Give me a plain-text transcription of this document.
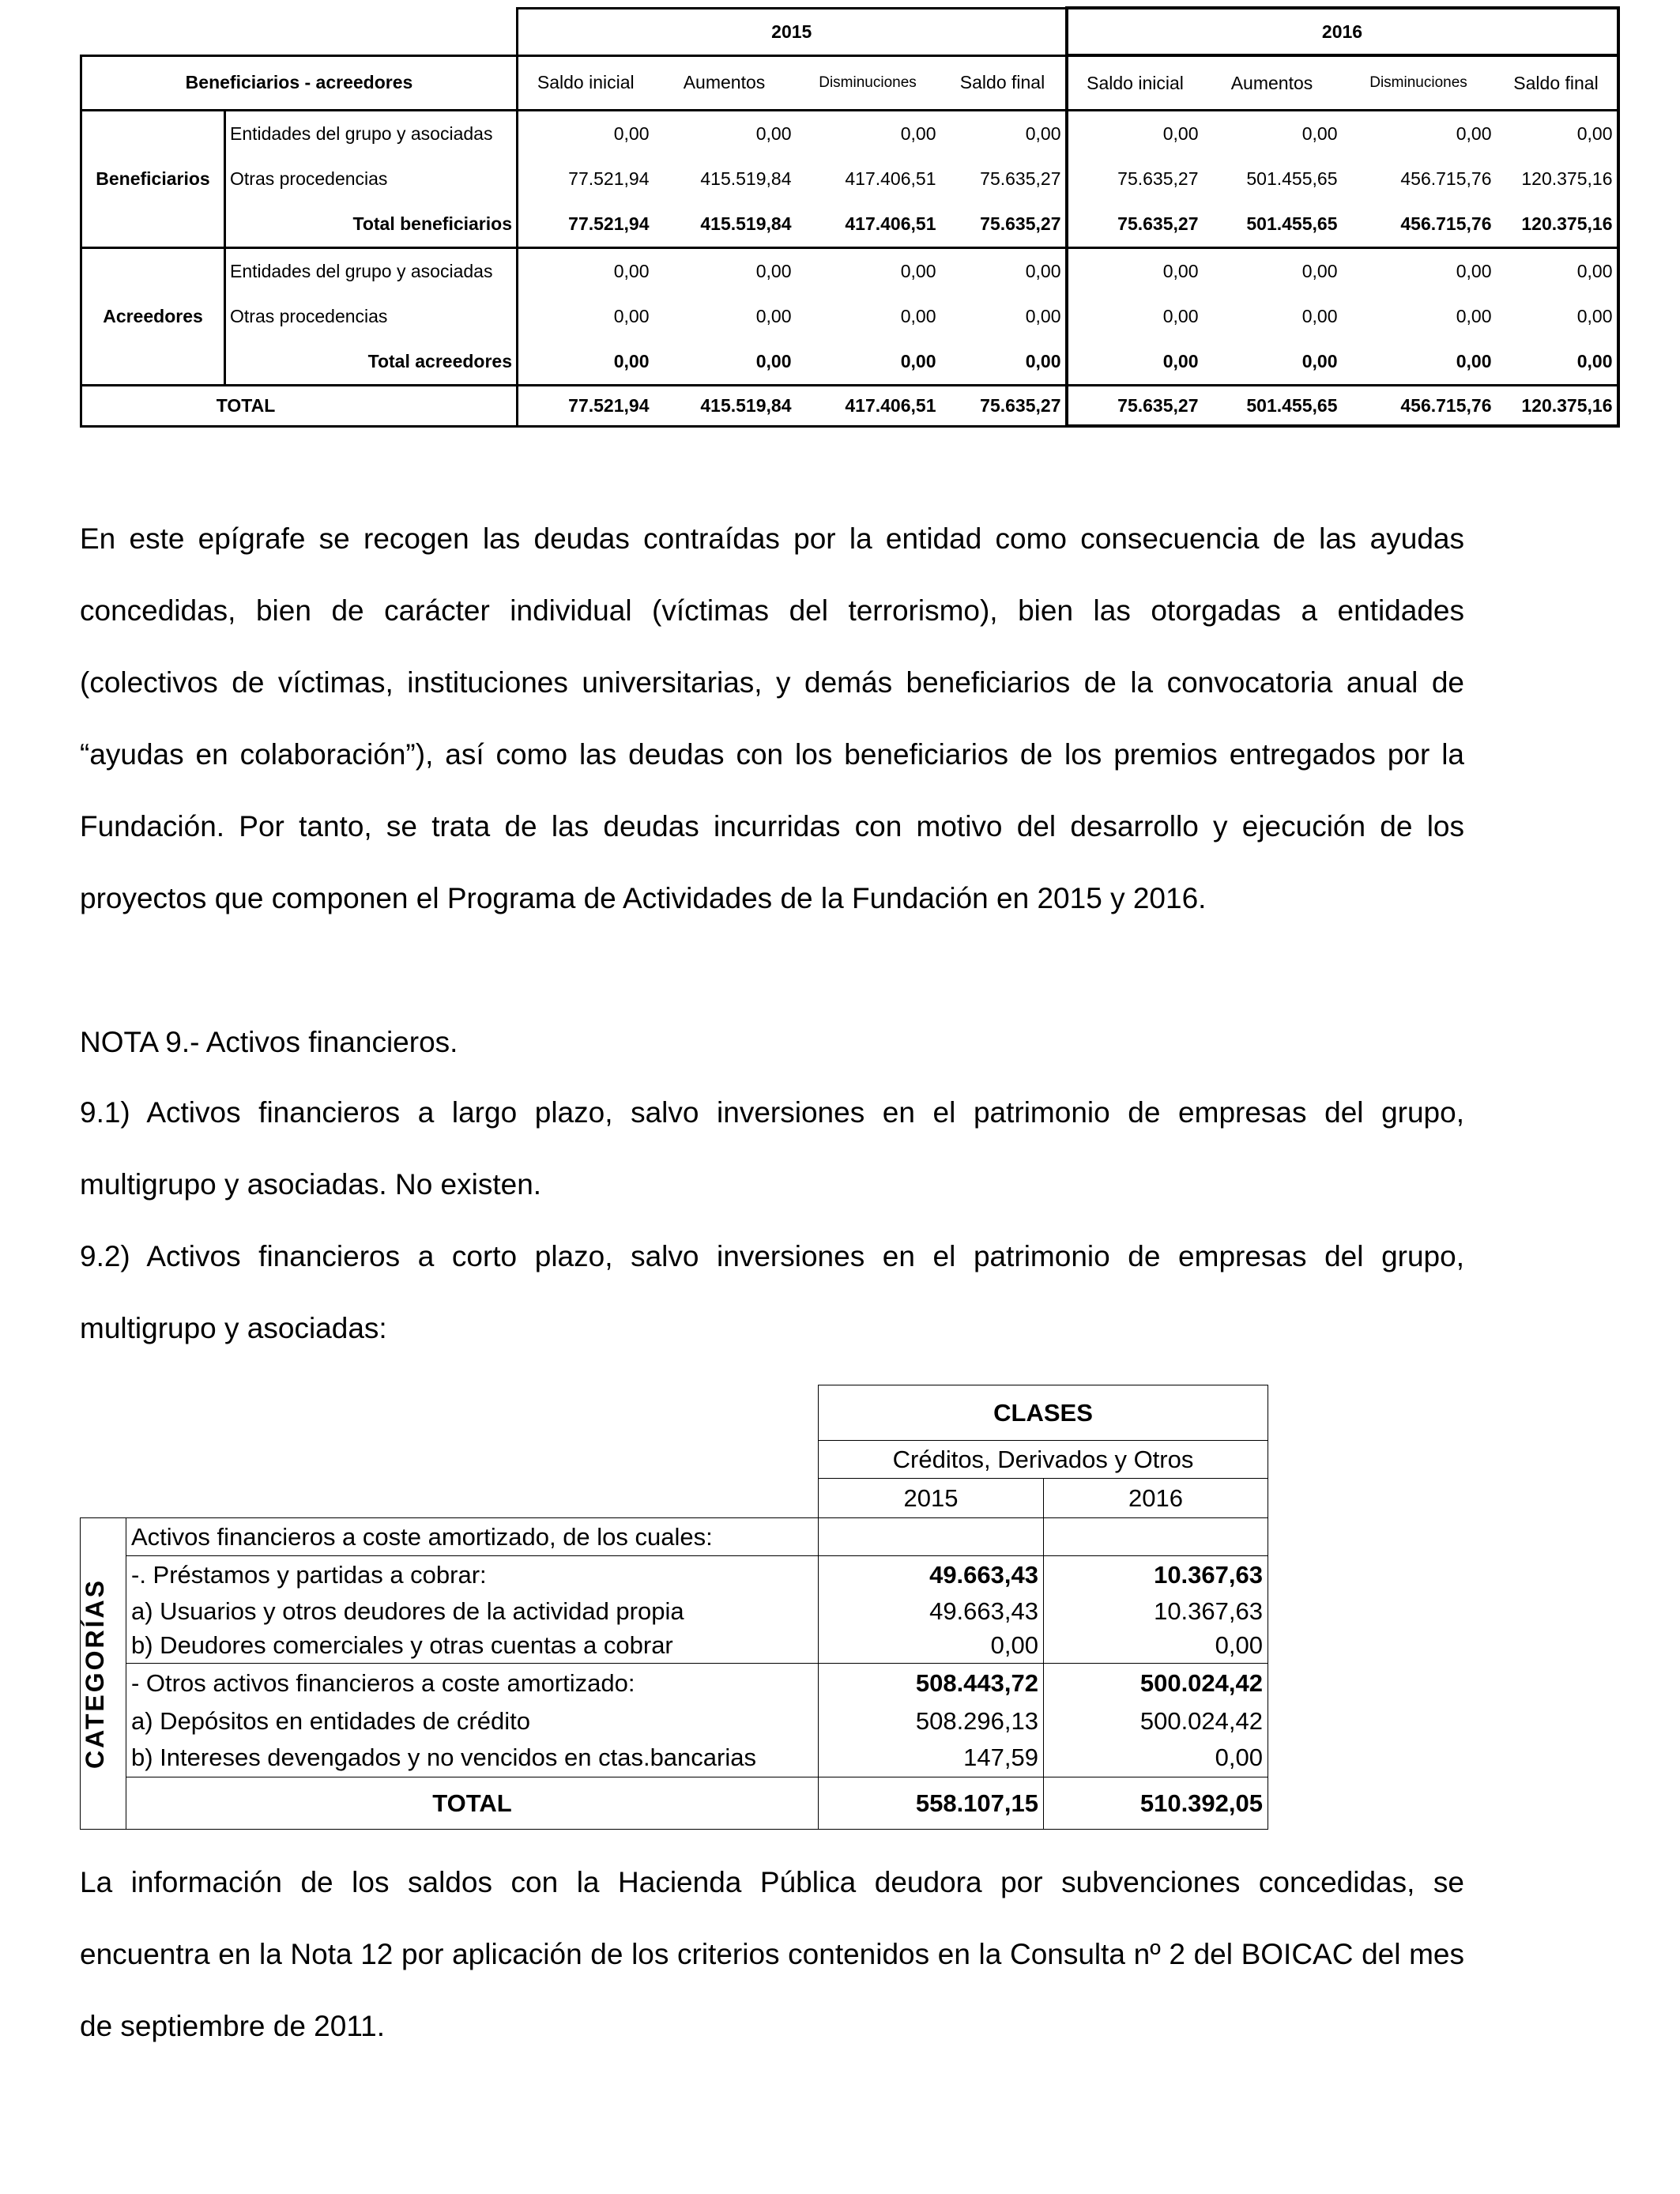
		2015				2016			
Beneficiarios - acreedores		Saldo inicial	Aumentos	Disminuciones	Saldo final	Saldo inicial	Aumentos	Disminuciones	Saldo final
Beneficiarios	Entidades del grupo y asociadas	0,00	0,00	0,00	0,00	0,00	0,00	0,00	0,00
	Otras procedencias	77.521,94	415.519,84	417.406,51	75.635,27	75.635,27	501.455,65	456.715,76	120.375,16
	Total beneficiarios	77.521,94	415.519,84	417.406,51	75.635,27	75.635,27	501.455,65	456.715,76	120.375,16
Acreedores	Entidades del grupo y asociadas	0,00	0,00	0,00	0,00	0,00	0,00	0,00	0,00
	Otras procedencias	0,00	0,00	0,00	0,00	0,00	0,00	0,00	0,00
	Total acreedores	0,00	0,00	0,00	0,00	0,00	0,00	0,00	0,00
TOTAL		77.521,94	415.519,84	417.406,51	75.635,27	75.635,27	501.455,65	456.715,76	120.375,16

En este epígrafe se recogen las deudas contraídas por la entidad como consecuencia de las ayudas concedidas, bien de carácter individual (víctimas del terrorismo), bien las otorgadas a entidades (colectivos de víctimas, instituciones universitarias, y demás beneficiarios de la convocatoria anual de “ayudas en colaboración”), así como las deudas con los beneficiarios de los premios entregados por la Fundación. Por tanto, se trata de las deudas incurridas con motivo del desarrollo y ejecución de los proyectos que componen el Programa de Actividades de la Fundación en 2015 y 2016.

NOTA 9.- Activos financieros.

9.1) Activos financieros a largo plazo, salvo inversiones en el patrimonio de empresas del grupo, multigrupo y asociadas. No existen.

9.2) Activos financieros a corto plazo, salvo inversiones en el patrimonio de empresas del grupo, multigrupo y asociadas:

		CLASES	
		Créditos, Derivados y Otros	
		2015	2016

CATEGORÍAS	Activos financieros a coste amortizado, de los cuales:		
	-. Préstamos y partidas a cobrar:	49.663,43	10.367,63
	a) Usuarios y otros deudores de la actividad propia	49.663,43	10.367,63
	b) Deudores comerciales y otras cuentas a cobrar	0,00	0,00
	- Otros activos financieros a coste amortizado:	508.443,72	500.024,42
	a) Depósitos en entidades de crédito	508.296,13	500.024,42
	b) Intereses devengados y no vencidos en ctas.bancarias	147,59	0,00
	TOTAL	558.107,15	510.392,05

La información de los saldos con la Hacienda Pública deudora por subvenciones concedidas, se encuentra en la Nota 12 por aplicación de los criterios contenidos en la Consulta nº 2 del BOICAC del mes de septiembre de 2011.
